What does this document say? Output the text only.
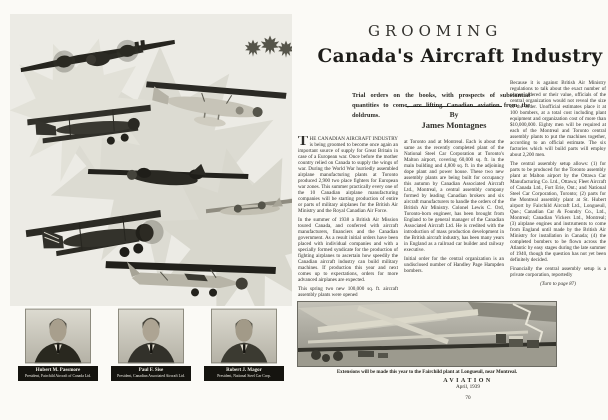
Hubert M. Passmore
President, Fairchild Aircraft of Canada Ltd.
Paul F. Sise
President, Canadian Associated Aircraft Ltd.
Robert J. Magor
President, National Steel Car Corp.
GROOMING
Canada's Aircraft Industry

Trial orders on the books, with prospects of substantial quantities to come, are lifting Canadian aviation from the doldrums.

THE CANADIAN AIRCRAFT INDUSTRY is being groomed to become once again an important source of supply for Great Britain in case of a European war. Once before the mother country relied on Canada to supply the wings of war. During the World War hurriedly assembled airplane manufacturing plants at Toronto produced 2,900 two place fighters for European war zones. This summer practically every one of the 10 Canadian airplane manufacturing companies will be starting production of entire or parts of military airplanes for the British Air Ministry and the Royal Canadian Air Force.

In the summer of 1938 a British Air Mission toured Canada, and conferred with aircraft manufacturers, financiers and the Canadian government. As a result initial orders have been placed with individual companies and with a specially formed syndicate for the production of fighting airplanes to ascertain how speedily the Canadian aircraft industry can build military machines. If production this year and next comes up to expectations, orders for more advanced airplanes are expected.

This spring two new 100,000 sq. ft. aircraft assembly plants were opened

By
James Montagnes

at Toronto and at Montreal. Each is about the same as the recently completed plant of the National Steel Car Corporation at Toronto's Malton airport, covering 60,000 sq. ft. in the main building and 4,800 sq. ft. in the adjoining dope plant and power house. These two new assembly plants are being built for occupancy this autumn by Canadian Associated Aircraft Ltd., Montreal, a central assembly company formed by leading Canadian brokers and six aircraft manufacturers to handle the orders of the British Air Ministry. Colonel Lewis C. Ord, Toronto-born engineer, has been brought from England to be general manager of the Canadian Associated Aircraft Ltd. He is credited with the introduction of mass production development in the British aircraft industry, has been many years in England as a railroad car builder and railway executive.

Initial order for the central organization is an undisclosed number of Handley Page Hampden bombers.

Because it is against British Air Ministry regulations to talk about the exact number of planes ordered or their value, officials of the central organization would not reveal the size of the order. Unofficial estimates place it at 100 bombers, at a total cost including plant equipment and organization cost of more than $10,000,000. Eighty men will be required at each of the Montreal and Toronto central assembly plants to put the machines together, according to an official estimate. The six factories which will build parts will employ about 2,200 men.

The central assembly setup allows: (1) for parts to be produced for the Toronto assembly plant at Malton airport by the Ottawa Car Manufacturing Co. Ltd., Ottawa; Fleet Aircraft of Canada Ltd., Fort Erie, Ont.; and National Steel Car Corporation, Toronto; (2) parts for the Montreal assembly plant at St. Hubert airport by Fairchild Aircraft Ltd., Longueuil, Que.; Canadian Car & Foundry Co., Ltd., Montreal; Canadian Vickers Ltd., Montreal; (3) airplane engines and instruments to come from England until made by the British Air Ministry for installation in Canada; (4) the completed bombers to be flown across the Atlantic by easy stages during the late summer of 1940, though the question has not yet been definitely decided.

Financially the central assembly setup is a private corporation, reportedly

(Turn to page 87)

Extensions will be made this year to the Fairchild plant at Longueuil, near Montreal.
AVIATION
April, 1939
70
